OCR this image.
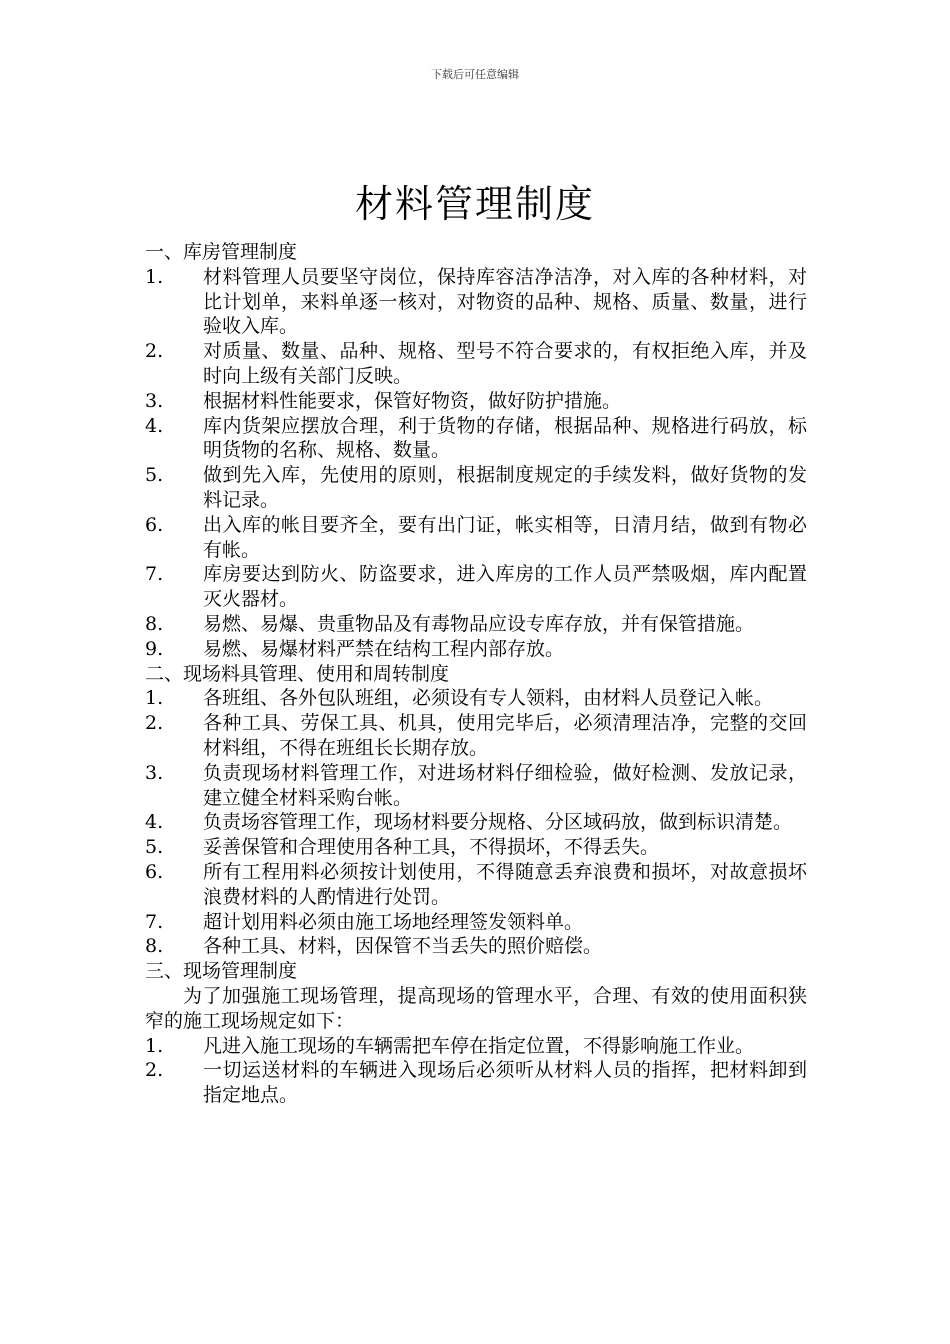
下载后可任意编辑
材料管理制度

一、库房管理制度

1. 材料管理人员要坚守岗位，保持库容洁净洁净，对入库的各种材料，对比计划单，来料单逐一核对，对物资的品种、规格、质量、数量，进行验收入库。
2. 对质量、数量、品种、规格、型号不符合要求的，有权拒绝入库，并及时向上级有关部门反映。
3. 根据材料性能要求，保管好物资，做好防护措施。
4. 库内货架应摆放合理，利于货物的存储，根据品种、规格进行码放，标明货物的名称、规格、数量。
5. 做到先入库，先使用的原则，根据制度规定的手续发料，做好货物的发料记录。
6. 出入库的帐目要齐全，要有出门证，帐实相等，日清月结，做到有物必有帐。
7. 库房要达到防火、防盗要求，进入库房的工作人员严禁吸烟，库内配置灭火器材。
8. 易燃、易爆、贵重物品及有毒物品应设专库存放，并有保管措施。
9. 易燃、易爆材料严禁在结构工程内部存放。

二、现场料具管理、使用和周转制度

1. 各班组、各外包队班组，必须设有专人领料，由材料人员登记入帐。
2. 各种工具、劳保工具、机具，使用完毕后，必须清理洁净，完整的交回材料组，不得在班组长长期存放。
3. 负责现场材料管理工作，对进场材料仔细检验，做好检测、发放记录，建立健全材料采购台帐。
4. 负责场容管理工作，现场材料要分规格、分区域码放，做到标识清楚。
5. 妥善保管和合理使用各种工具，不得损坏，不得丢失。
6. 所有工程用料必须按计划使用，不得随意丢弃浪费和损坏，对故意损坏浪费材料的人酌情进行处罚。
7. 超计划用料必须由施工场地经理签发领料单。
8. 各种工具、材料，因保管不当丢失的照价赔偿。

三、现场管理制度

为了加强施工现场管理，提高现场的管理水平，合理、有效的使用面积狭窄的施工现场规定如下：

1. 凡进入施工现场的车辆需把车停在指定位置，不得影响施工作业。
2. 一切运送材料的车辆进入现场后必须听从材料人员的指挥，把材料卸到指定地点。
